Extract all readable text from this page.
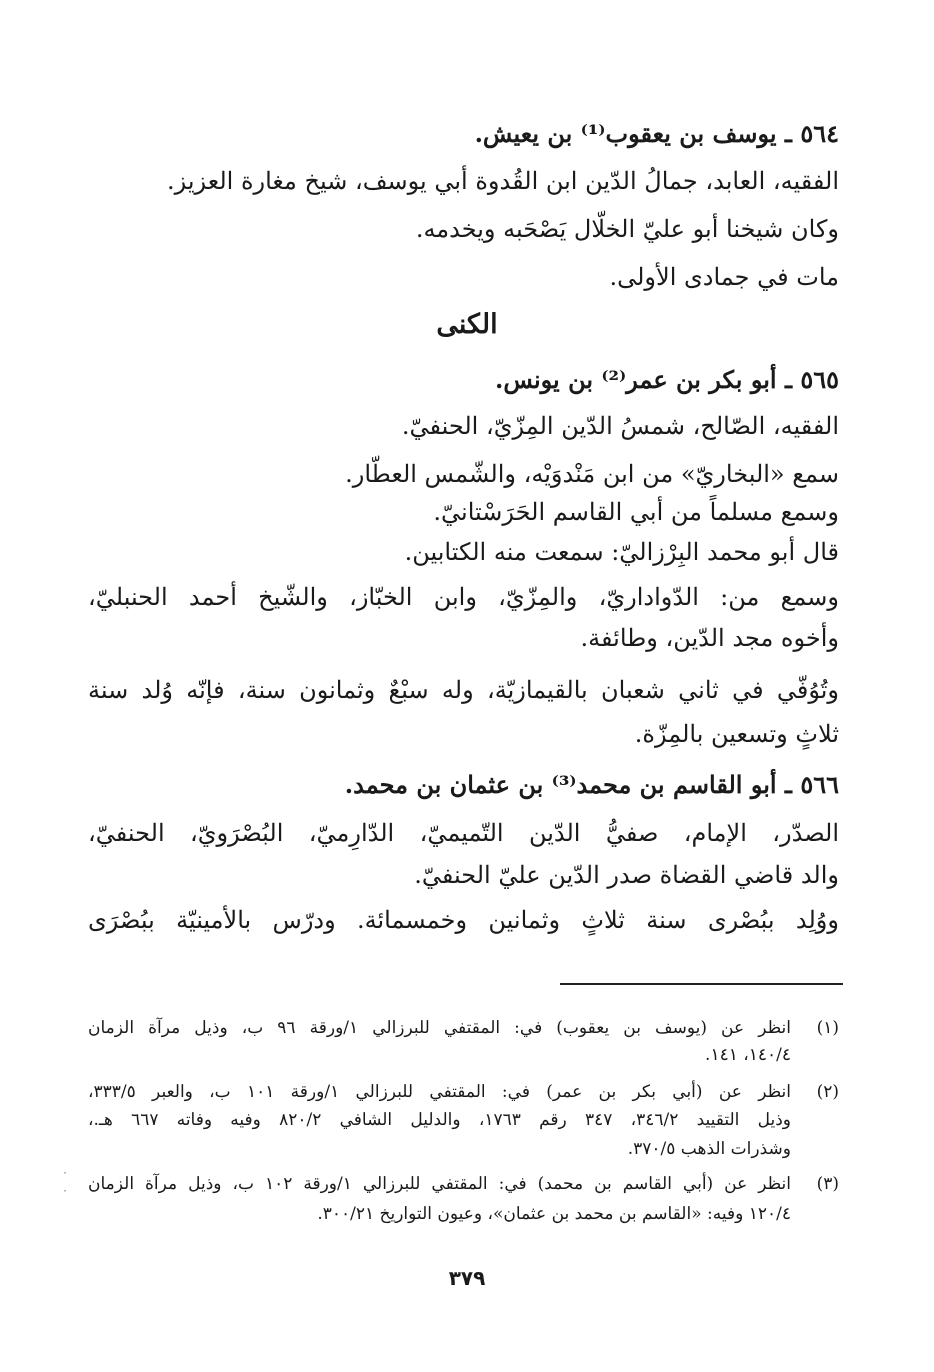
٥٦٤ ـ يوسف بن يعقوب⁽¹⁾ بن يعيش.
الفقيه، العابد، جمالُ الدّين ابن القُدوة أبي يوسف، شيخ مغارة العزيز.
وكان شيخنا أبو عليّ الخلّال يَصْحَبه ويخدمه.
مات في جمادى الأولى.
الكنى
٥٦٥ ـ أبو بكر بن عمر⁽²⁾ بن يونس.
الفقيه، الصّالح، شمسُ الدّين المِزّيّ، الحنفيّ.
سمع «البخاريّ» من ابن مَنْدوَيْه، والشّمس العطّار.
وسمع مسلماً من أبي القاسم الحَرَسْتانيّ.
قال أبو محمد البِرْزاليّ: سمعت منه الكتابين.
وسمع من: الدّواداريّ، والمِزّيّ، وابن الخبّاز، والشّيخ أحمد الحنبليّ،
وأخوه مجد الدّين، وطائفة.
وتُوُفّي في ثاني شعبان بالقيمازيّة، وله سبْعٌ وثمانون سنة، فإنّه وُلد سنة
ثلاثٍ وتسعين بالمِزّة.
٥٦٦ ـ أبو القاسم بن محمد⁽³⁾ بن عثمان بن محمد.
الصدّر، الإمام، صفيُّ الدّين التّميميّ، الدّارِميّ، البُصْرَويّ، الحنفيّ،
والد قاضي القضاة صدر الدّين عليّ الحنفيّ.
ووُلِد ببُصْرى سنة ثلاثٍ وثمانين وخمسمائة. ودرّس بالأمينيّة ببُصْرَى
(١)
انظر عن (يوسف بن يعقوب) في: المقتفي للبرزالي ١/ورقة ٩٦ ب، وذيل مرآة الزمان
١٤٠/٤، ١٤١.
(٢)
انظر عن (أبي بكر بن عمر) في: المقتفي للبرزالي ١/ورقة ١٠١ ب، والعبر ٣٣٣/٥،
وذيل التقييد ٣٤٦/٢، ٣٤٧ رقم ١٧٦٣، والدليل الشافي ٨٢٠/٢ وفيه وفاته ٦٦٧ هـ.،
وشذرات الذهب ٣٧٠/٥.
(٣)
انظر عن (أبي القاسم بن محمد) في: المقتفي للبرزالي ١/ورقة ١٠٢ ب، وذيل مرآة الزمان
١٢٠/٤ وفيه: «القاسم بن محمد بن عثمان»، وعيون التواريخ ٣٠٠/٢١.
٣٧٩
·
·
